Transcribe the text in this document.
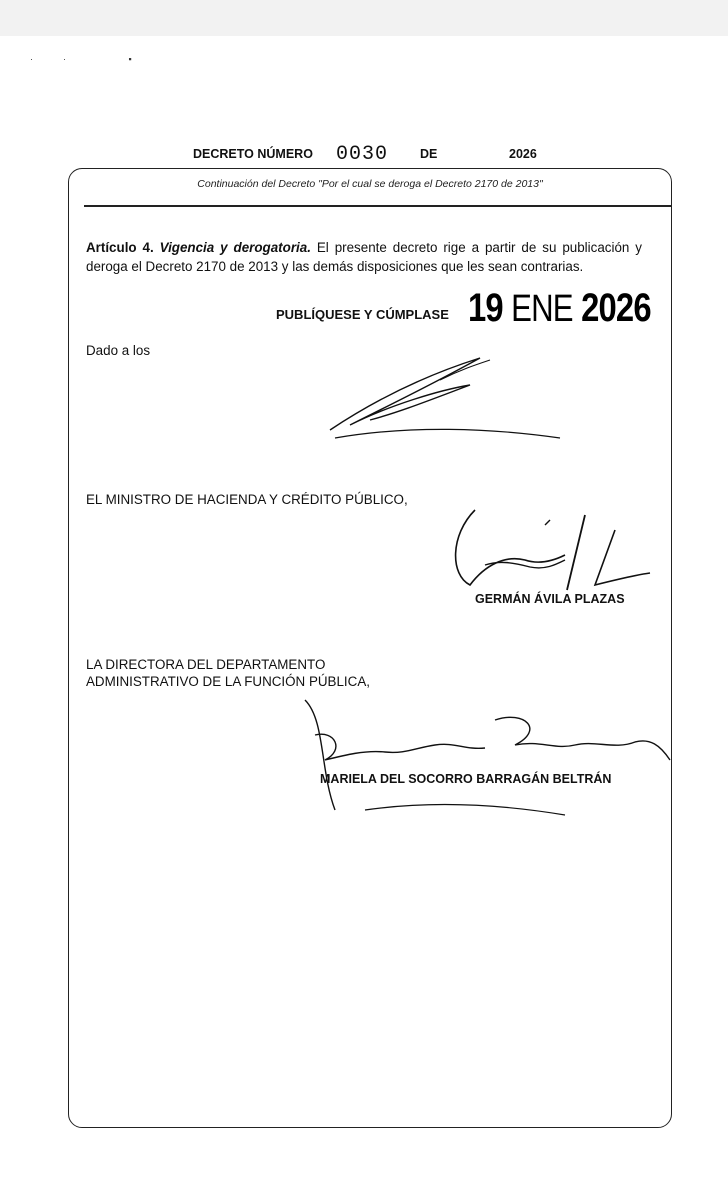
·· ▪
DECRETO NÚMERO 0030	DE	2026
Continuación del Decreto "Por el cual se deroga el Decreto 2170 de 2013"
Artículo 4. Vigencia y derogatoria. El presente decreto rige a partir de su publicación y deroga el Decreto 2170 de 2013 y las demás disposiciones que les sean contrarias.
PUBLÍQUESE Y CÚMPLASE 19 ENE 2026
Dado a los
EL MINISTRO DE HACIENDA Y CRÉDITO PÚBLICO,
GERMÁN ÁVILA PLAZAS
LA DIRECTORA DEL DEPARTAMENTO
ADMINISTRATIVO DE LA FUNCIÓN PÚBLICA,
MARIELA DEL SOCORRO BARRAGÁN BELTRÁN
